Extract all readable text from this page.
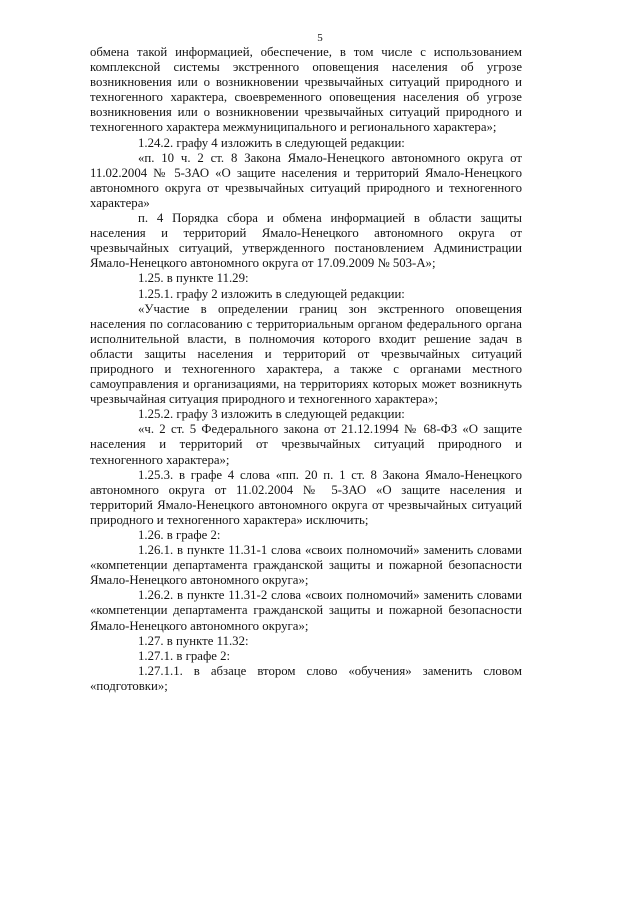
5

обмена такой информацией, обеспечение, в том числе с использованием комплексной системы экстренного оповещения населения об угрозе возникновения или о возникновении чрезвычайных ситуаций природного и техногенного характера, своевременного оповещения населения об угрозе возникновения или о возникновении чрезвычайных ситуаций природного и техногенного характера межмуниципального и регионального характера»;

1.24.2. графу 4 изложить в следующей редакции:

«п. 10 ч. 2 ст. 8 Закона Ямало-Ненецкого автономного округа от 11.02.2004 № 5-ЗАО «О защите населения и территорий Ямало-Ненецкого автономного округа от чрезвычайных ситуаций природного и техногенного характера»

п. 4 Порядка сбора и обмена информацией в области защиты населения и территорий Ямало-Ненецкого автономного округа от чрезвычайных ситуаций, утвержденного постановлением Администрации Ямало-Ненецкого автономного округа от 17.09.2009 № 503-А»;

1.25. в пункте 11.29:

1.25.1. графу 2 изложить в следующей редакции:

«Участие в определении границ зон экстренного оповещения населения по согласованию с территориальным органом федерального органа исполнительной власти, в полномочия которого входит решение задач в области защиты населения и территорий от чрезвычайных ситуаций природного и техногенного характера, а также с органами местного самоуправления и организациями, на территориях которых может возникнуть чрезвычайная ситуация природного и техногенного характера»;

1.25.2. графу 3 изложить в следующей редакции:

«ч. 2 ст. 5 Федерального закона от 21.12.1994 № 68-ФЗ «О защите населения и территорий от чрезвычайных ситуаций природного и техногенного характера»;

1.25.3. в графе 4 слова «пп. 20 п. 1 ст. 8 Закона Ямало-Ненецкого автономного округа от 11.02.2004 № 5-ЗАО «О защите населения и территорий Ямало-Ненецкого автономного округа от чрезвычайных ситуаций природного и техногенного характера» исключить;

1.26. в графе 2:

1.26.1. в пункте 11.31-1 слова «своих полномочий» заменить словами «компетенции департамента гражданской защиты и пожарной безопасности Ямало-Ненецкого автономного округа»;

1.26.2. в пункте 11.31-2 слова «своих полномочий» заменить словами «компетенции департамента гражданской защиты и пожарной безопасности Ямало-Ненецкого автономного округа»;

1.27. в пункте 11.32:

1.27.1. в графе 2:

1.27.1.1. в абзаце втором слово «обучения» заменить словом «подготовки»;
